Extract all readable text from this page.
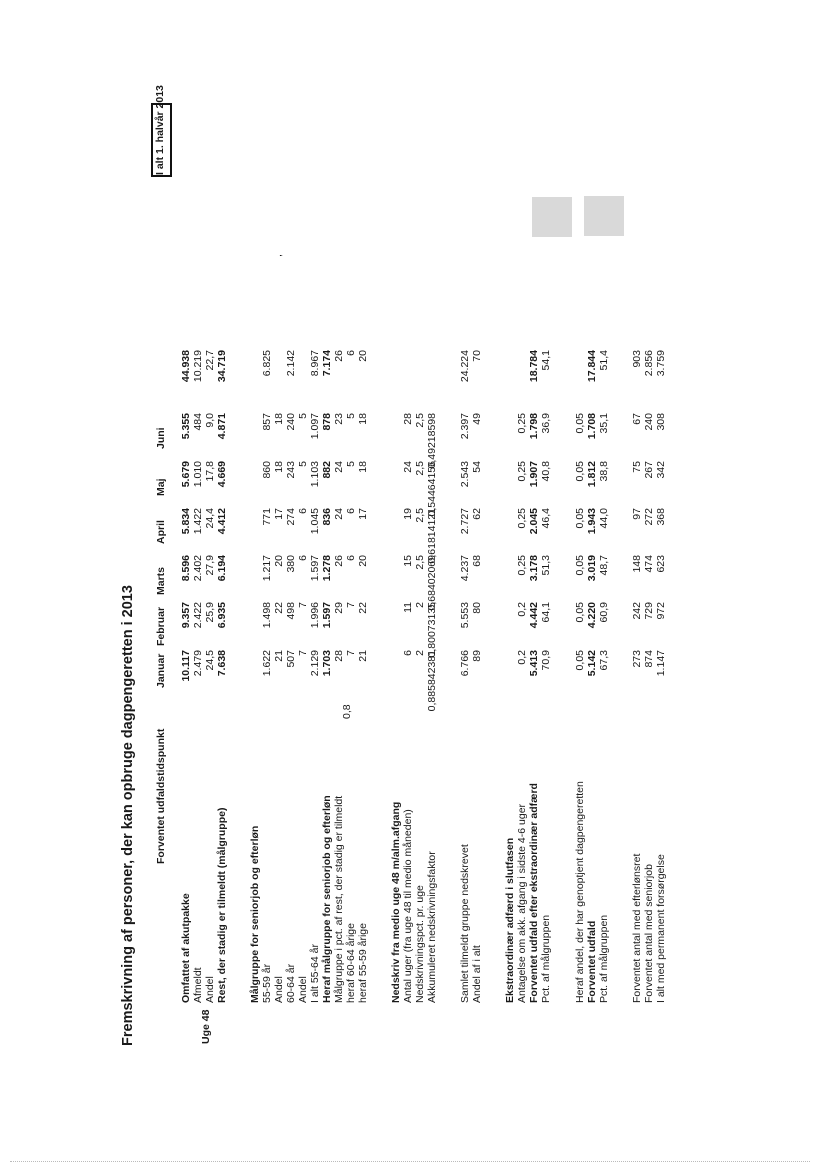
Fremskrivning af personer, der kan opbruge dagpengeretten i 2013 Forventet udfaldstidspunkt
Januar
Februar
Marts
April
Maj
Juni
I alt 1. halvår 2013
Uge 48
0,8
,
Omfattet af akutpakke
10.117
9.357
8.596
5.834
5.679
5.355
44.938
Afmeldt
2.479
2.422
2.402
1.422
1.010
484
10.219
Andel
24,5
25,9
27,9
24,4
17,8
9,0
22,7
Rest, der stadig er tilmeldt (målgruppe)
7.638
6.935
6.194
4.412
4.669
4.871
34.719
Målgruppe for seniorjob og efterløn 55-59 år
1.622
1.498
1.217
771
860
857
6.825
Andel
21
22
20
17
18
18
60-64 år
507
498
380
274
243
240
2.142
Andel
7
7
6
6
5
5
I alt 55-64 år
2.129
1.996
1.597
1.045
1.103
1.097
8.967
Heraf målgruppe for seniorjob og efterløn
1.703
1.597
1.278
836
882
878
7.174
Målgruppe i pct. af rest, der stadig er tilmeldt
28
29
26
24
24
23
26
heraf 60-64 årige
7
7
6
6
5
5
6
heraf 55-59 årige
21
22
20
17
18
18
20
Nedskriv fra medio uge 48 m/alm.afgang Antal uger (fra uge 48 til medio måneden)
6
11
15
19
24
28
Nedskrivningspct. pr. uge
2
2
2,5
2,5
2,5
2,5
Akkumuleret nedskrivningsfaktor
0,885842381
0,80073135
0,68402069
0,61814121
0,54464156
0,49218598
Samlet tilmeldt gruppe nedskrevet
6.766
5.553
4.237
2.727
2.543
2.397
24.224
Andel af i alt
89
80
68
62
54
49
70
Ekstraordinær adfærd i slutfasen Antagelse om akk. afgang i sidste 4-6 uger
0,2
0,2
0,25
0,25
0,25
0,25
Forventet udfald efter ekstraordinær adfærd
5.413
4.442
3.178
2.045
1.907
1.798
18.784
Pct. af målgruppen
70,9
64,1
51,3
46,4
40,8
36,9
54,1
Heraf andel, der har genoptjent dagpengeretten
0,05
0,05
0,05
0,05
0,05
0,05
Forventet udfald
5.142
4.220
3.019
1.943
1.812
1.708
17.844
Pct. af målgruppen
67,3
60,9
48,7
44,0
38,8
35,1
51,4
Forventet antal med efterlønsret
273
242
148
97
75
67
903
Forventet antal med seniorjob
874
729
474
272
267
240
2.856
I alt med permanent forsørgelse
1.147
972
623
368
342
308
3.759
